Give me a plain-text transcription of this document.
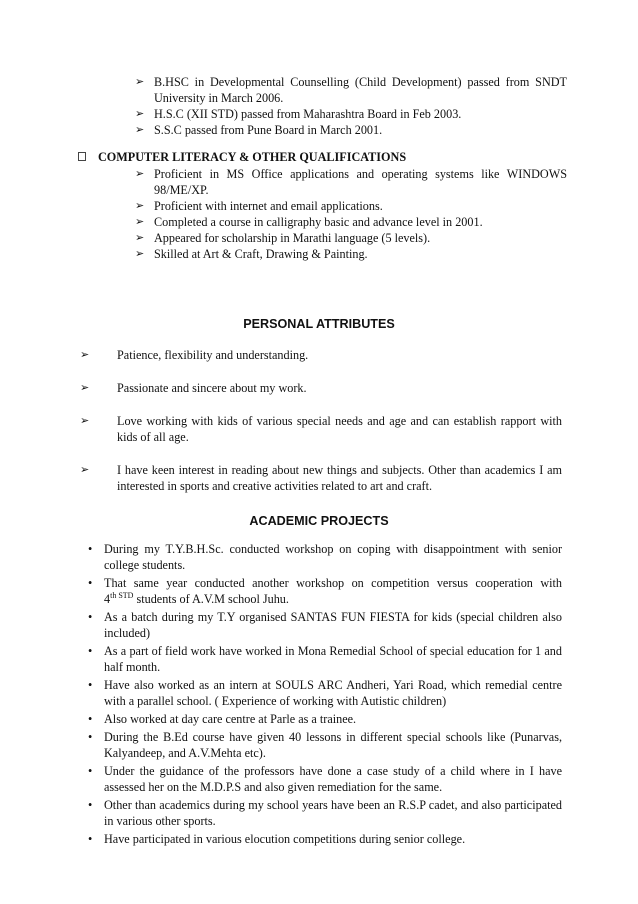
➢ B.HSC in Developmental Counselling (Child Development) passed from SNDT University in March 2006.
➢ H.S.C (XII STD) passed from Maharashtra Board in Feb 2003.
➢ S.S.C passed from Pune Board in March 2001.
COMPUTER LITERACY & OTHER QUALIFICATIONS
➢ Proficient in MS Office applications and operating systems like WINDOWS 98/ME/XP.
➢ Proficient with internet and email applications.
➢ Completed a course in calligraphy basic and advance level in 2001.
➢ Appeared for scholarship in Marathi language (5 levels).
➢ Skilled at Art & Craft, Drawing & Painting.
PERSONAL ATTRIBUTES
➢ Patience, flexibility and understanding.
➢ Passionate and sincere about my work.
➢ Love working with kids of various special needs and age and can establish rapport with kids of all age.
➢ I have keen interest in reading about new things and subjects. Other than academics I am interested in sports and creative activities related to art and craft.
ACADEMIC PROJECTS
• During my T.Y.B.H.Sc. conducted workshop on coping with disappointment with senior college students.
• That same year conducted another workshop on competition versus cooperation with
$4^{th STD}$ students of A.V.M school Juhu.
• As a batch during my T.Y organised SANTAS FUN FIESTA for kids (special children also included)
• As a part of field work have worked in Mona Remedial School of special education for 1 and half month.
• Have also worked as an intern at SOULS ARC Andheri, Yari Road, which remedial centre with a parallel school. ( Experience of working with Autistic children)
• Also worked at day care centre at Parle as a trainee.
• During the B.Ed course have given 40 lessons in different special schools like (Punarvas, Kalyandeep, and A.V.Mehta etc).
• Under the guidance of the professors have done a case study of a child where in I have assessed her on the M.D.P.S and also given remediation for the same.
• Other than academics during my school years have been an R.S.P cadet, and also participated in various other sports.
• Have participated in various elocution competitions during senior college.
